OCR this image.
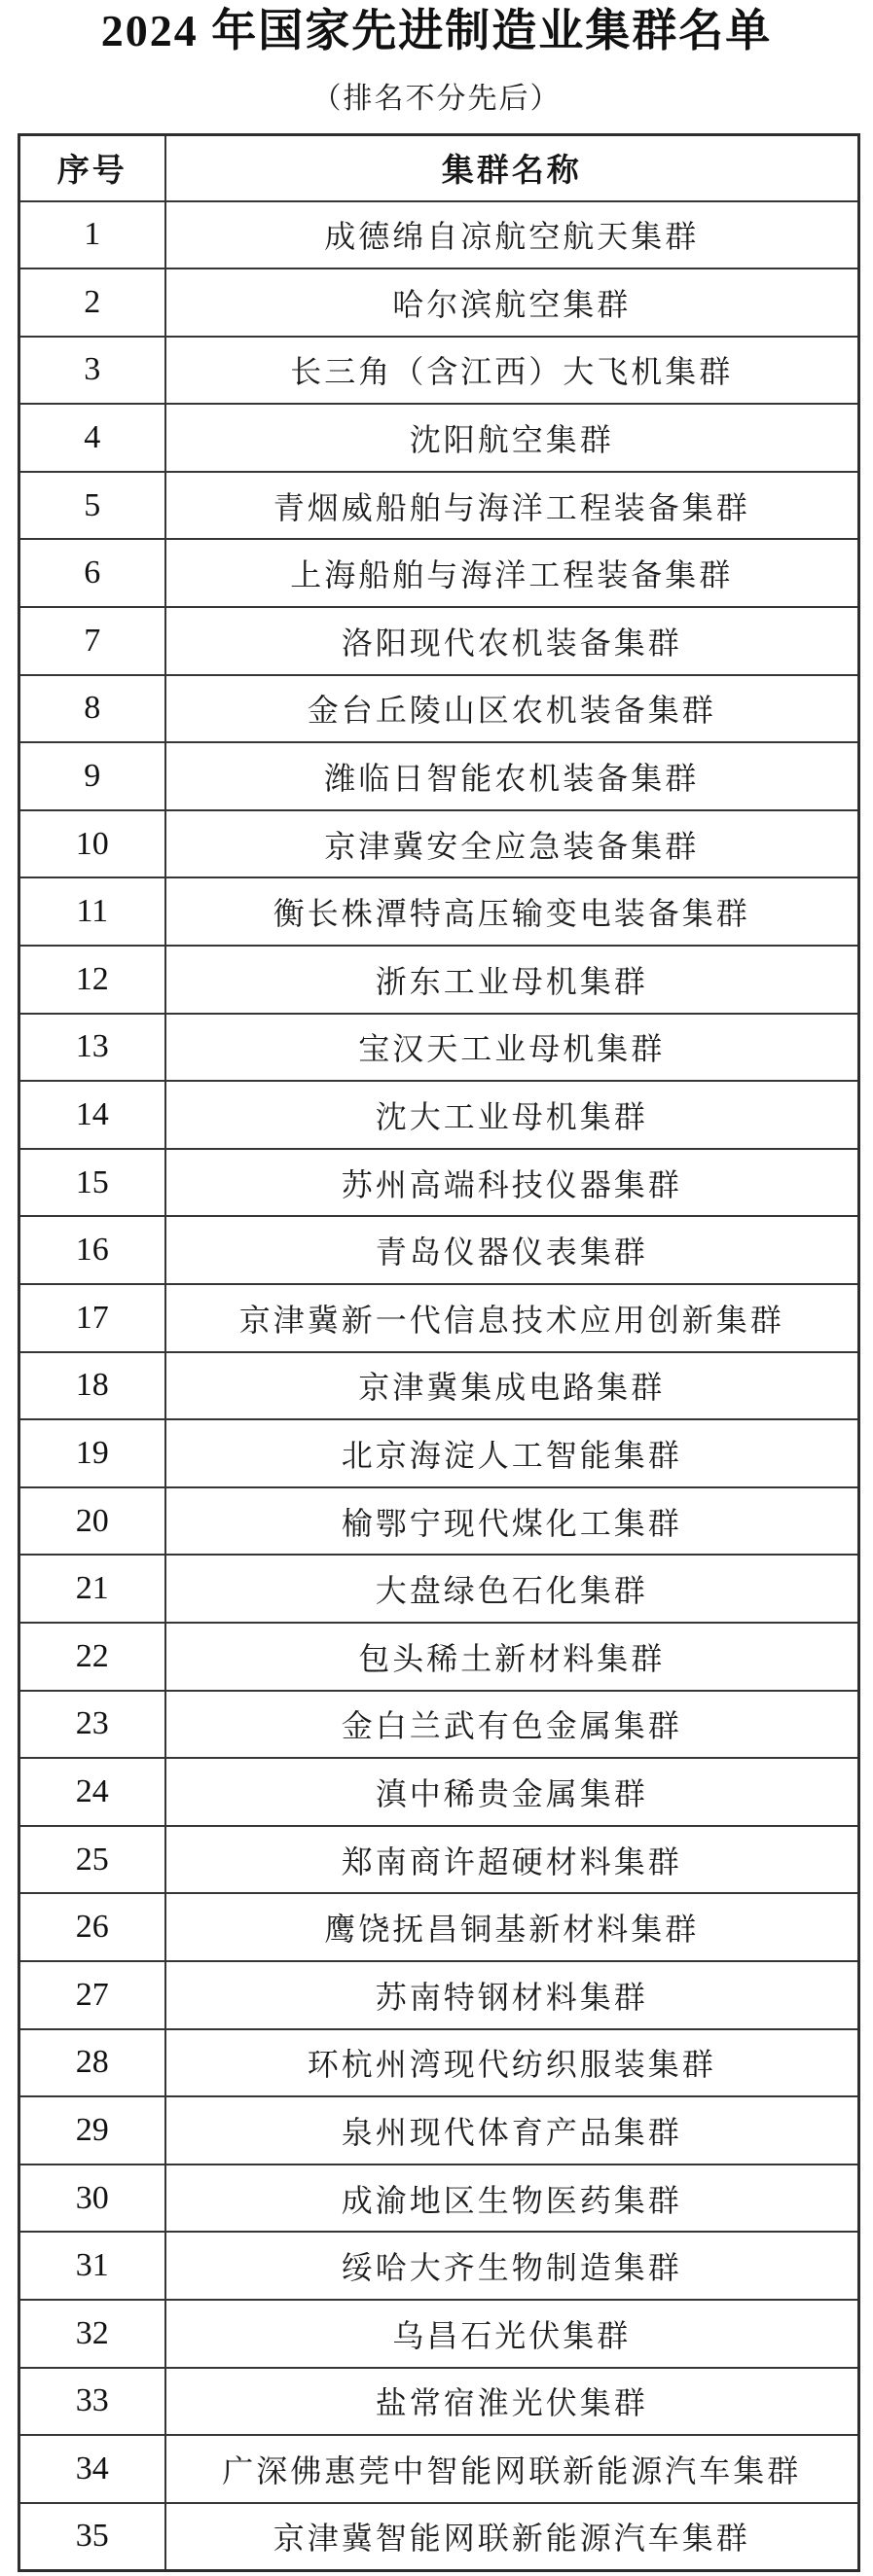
2024 年国家先进制造业集群名单
（排名不分先后）
序号	集群名称
1	成德绵自凉航空航天集群
2	哈尔滨航空集群
3	长三角（含江西）大飞机集群
4	沈阳航空集群
5	青烟威船舶与海洋工程装备集群
6	上海船舶与海洋工程装备集群
7	洛阳现代农机装备集群
8	金台丘陵山区农机装备集群
9	潍临日智能农机装备集群
10	京津冀安全应急装备集群
11	衡长株潭特高压输变电装备集群
12	浙东工业母机集群
13	宝汉天工业母机集群
14	沈大工业母机集群
15	苏州高端科技仪器集群
16	青岛仪器仪表集群
17	京津冀新一代信息技术应用创新集群
18	京津冀集成电路集群
19	北京海淀人工智能集群
20	榆鄂宁现代煤化工集群
21	大盘绿色石化集群
22	包头稀土新材料集群
23	金白兰武有色金属集群
24	滇中稀贵金属集群
25	郑南商许超硬材料集群
26	鹰饶抚昌铜基新材料集群
27	苏南特钢材料集群
28	环杭州湾现代纺织服装集群
29	泉州现代体育产品集群
30	成渝地区生物医药集群
31	绥哈大齐生物制造集群
32	乌昌石光伏集群
33	盐常宿淮光伏集群
34	广深佛惠莞中智能网联新能源汽车集群
35	京津冀智能网联新能源汽车集群
